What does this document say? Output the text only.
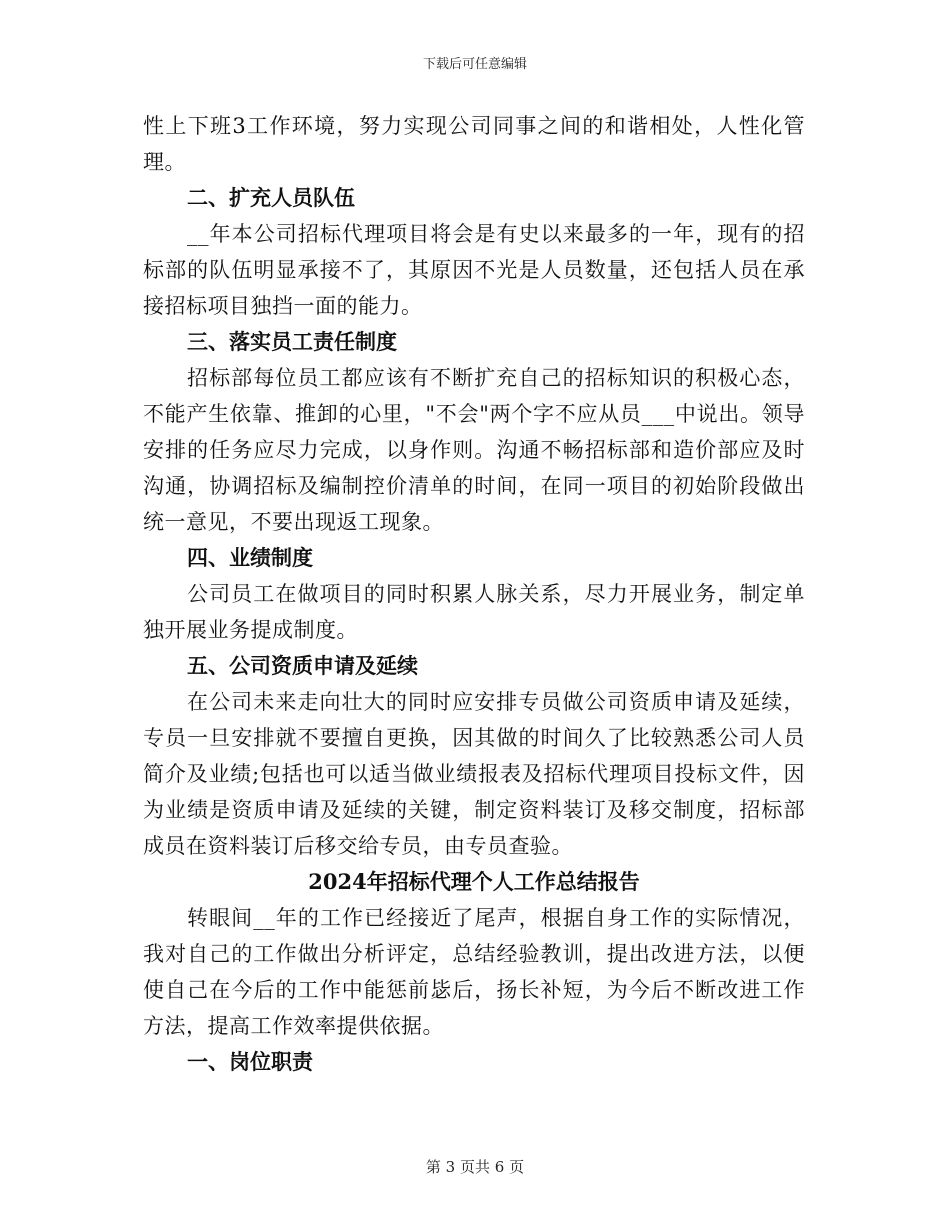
下载后可任意编辑

性上下班3工作环境，努力实现公司同事之间的和谐相处，人性化管理。

二、扩充人员队伍

__年本公司招标代理项目将会是有史以来最多的一年，现有的招标部的队伍明显承接不了，其原因不光是人员数量，还包括人员在承接招标项目独挡一面的能力。

三、落实员工责任制度

招标部每位员工都应该有不断扩充自己的招标知识的积极心态，不能产生依靠、推卸的心里，"不会"两个字不应从员___中说出。领导安排的任务应尽力完成，以身作则。沟通不畅招标部和造价部应及时沟通，协调招标及编制控价清单的时间，在同一项目的初始阶段做出统一意见，不要出现返工现象。

四、业绩制度

公司员工在做项目的同时积累人脉关系，尽力开展业务，制定单独开展业务提成制度。

五、公司资质申请及延续

在公司未来走向壮大的同时应安排专员做公司资质申请及延续，专员一旦安排就不要擅自更换，因其做的时间久了比较熟悉公司人员简介及业绩;包括也可以适当做业绩报表及招标代理项目投标文件，因为业绩是资质申请及延续的关键，制定资料装订及移交制度，招标部成员在资料装订后移交给专员，由专员查验。

2024年招标代理个人工作总结报告

转眼间__年的工作已经接近了尾声，根据自身工作的实际情况，我对自己的工作做出分析评定，总结经验教训，提出改进方法，以便使自己在今后的工作中能惩前毖后，扬长补短，为今后不断改进工作方法，提高工作效率提供依据。

一、岗位职责

第 3 页共 6 页
